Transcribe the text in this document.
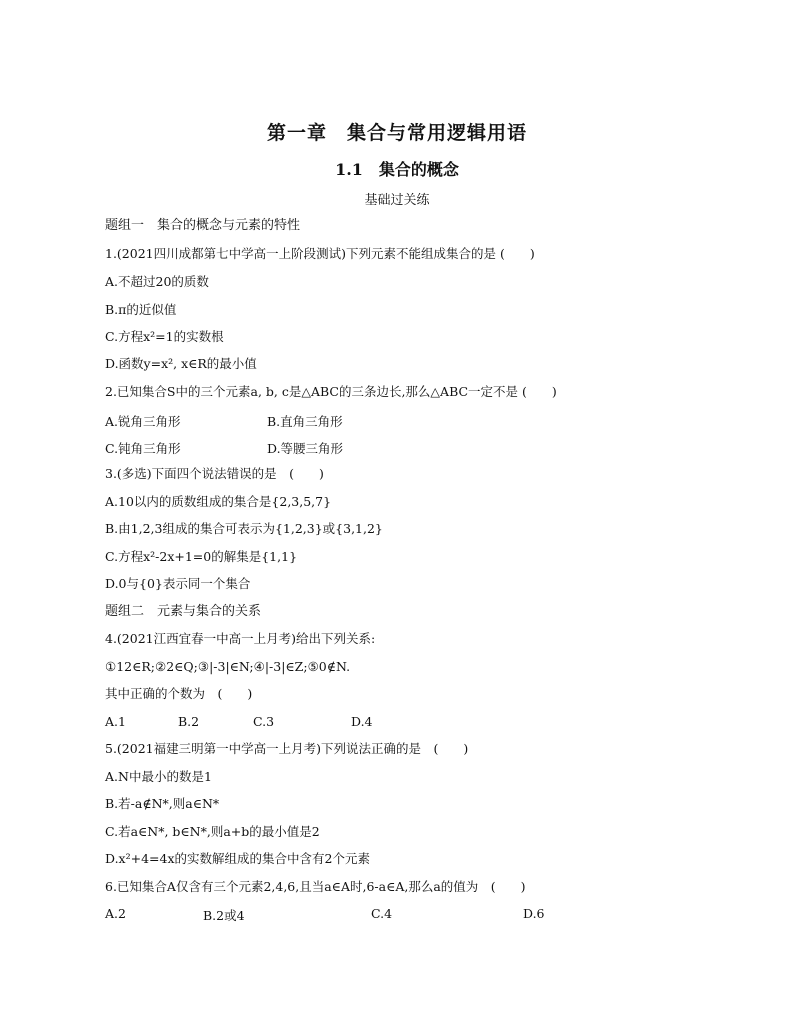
第一章　集合与常用逻辑用语
1.1　集合的概念
基础过关练
题组一　集合的概念与元素的特性
1.(2021四川成都第七中学高一上阶段测试)下列元素不能组成集合的是 (　　)
A.不超过20的质数
B.π的近似值
C.方程x²=1的实数根
D.函数y=x², x∈R的最小值
2.已知集合S中的三个元素a, b, c是△ABC的三条边长,那么△ABC一定不是 (　　)
A.锐角三角形	B.直角三角形
C.钝角三角形	D.等腰三角形
3.(多选)下面四个说法错误的是　(　　)
A.10以内的质数组成的集合是{2,3,5,7}
B.由1,2,3组成的集合可表示为{1,2,3}或{3,1,2}
C.方程x²-2x+1=0的解集是{1,1}
D.0与{0}表示同一个集合
题组二　元素与集合的关系
4.(2021江西宜春一中高一上月考)给出下列关系:
①12∈R;②2∈Q;③|-3|∈N;④|-3|∈Z;⑤0∉N.
其中正确的个数为　(　　)
A.1	B.2	C.3	D.4
5.(2021福建三明第一中学高一上月考)下列说法正确的是　(　　)
A.N中最小的数是1
B.若-a∉N*,则a∈N*
C.若a∈N*, b∈N*,则a+b的最小值是2
D.x²+4=4x的实数解组成的集合中含有2个元素
6.已知集合A仅含有三个元素2,4,6,且当a∈A时,6-a∈A,那么a的值为　(　　)
A.2	B.2或4	C.4	D.6
